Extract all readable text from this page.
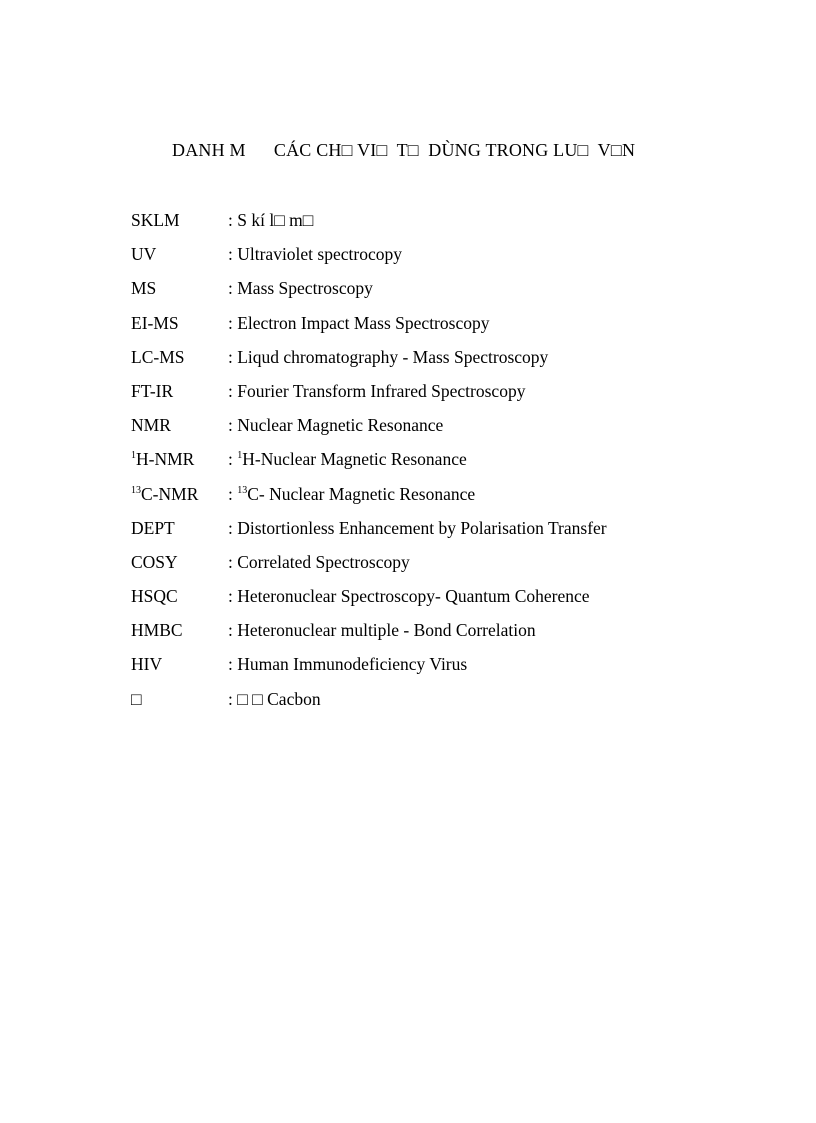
DANH M      CÁC CH□ VI□  T□  DÙNG TRONG LU□  V□N
SKLM	: S kí l□ m□
UV	: Ultraviolet spectrocopy
MS	: Mass Spectroscopy
EI-MS	: Electron Impact Mass Spectroscopy
LC-MS : Liqud chromatography - Mass Spectroscopy
FT-IR	: Fourier Transform Infrared Spectroscopy
NMR	: Nuclear Magnetic Resonance
$^1$H-NMR : $^1$H-Nuclear Magnetic Resonance
$^{13}$C-NMR : $^{13}$C- Nuclear Magnetic Resonance
DEPT	: Distortionless Enhancement by Polarisation Transfer
COSY	: Correlated Spectroscopy
HSQC	: Heteronuclear Spectroscopy- Quantum Coherence
HMBC	: Heteronuclear multiple - Bond Correlation
HIV	: Human Immunodeficiency Virus
□	: □ □ Cacbon
